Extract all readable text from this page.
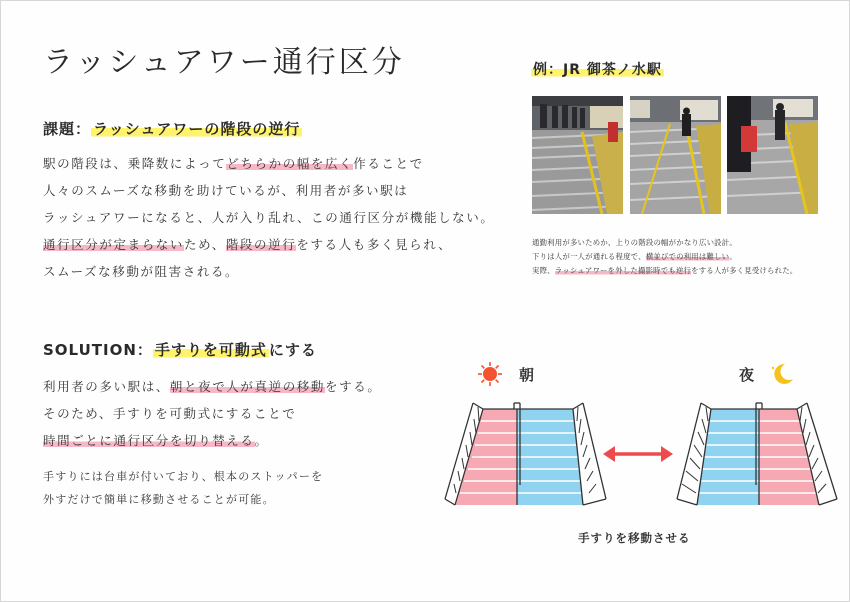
ラッシュアワー通行区分
課題： ラッシュアワーの階段の逆行
駅の階段は、乗降数によってどちらかの幅を広く作ることで
人々のスムーズな移動を助けているが、利用者が多い駅は
ラッシュアワーになると、人が入り乱れ、この通行区分が機能しない。
通行区分が定まらないため、階段の逆行をする人も多く見られ、
スムーズな移動が阻害される。
例：JR 御茶ノ水駅
通勤利用が多いためか、上りの階段の幅がかなり広い設計。
下りは人が一人が通れる程度で、横並びでの利用は難しい。
実際、ラッシュアワーを外した撮影時でも逆行をする人が多く見受けられた。
SOLUTION： 手すりを可動式 にする
利用者の多い駅は、朝と夜で人が真逆の移動をする。
そのため、手すりを可動式にすることで
時間ごとに通行区分を切り替える。
手すりには台車が付いており、根本のストッパーを
外すだけで簡単に移動させることが可能。
朝	夜
手すりを移動させる
